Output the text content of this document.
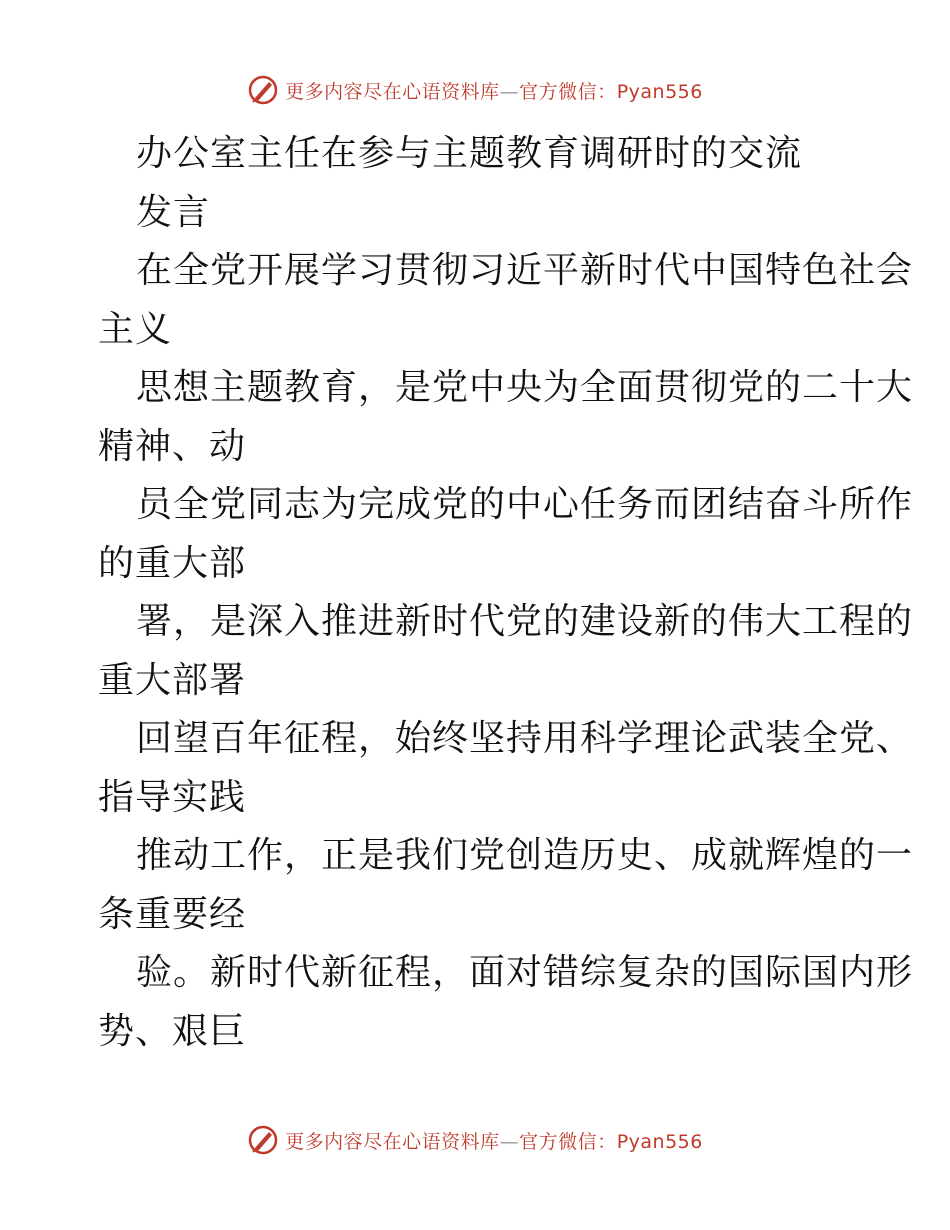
更多内容尽在心语资料库—官方微信：Pyan556
办公室主任在参与主题教育调研时的交流
发言
在全党开展学习贯彻习近平新时代中国特色社会
主义
思想主题教育，是党中央为全面贯彻党的二十大
精神、动
员全党同志为完成党的中心任务而团结奋斗所作
的重大部
署，是深入推进新时代党的建设新的伟大工程的
重大部署
回望百年征程，始终坚持用科学理论武装全党、
指导实践
推动工作，正是我们党创造历史、成就辉煌的一
条重要经
验。新时代新征程，面对错综复杂的国际国内形
势、艰巨
更多内容尽在心语资料库—官方微信：Pyan556
